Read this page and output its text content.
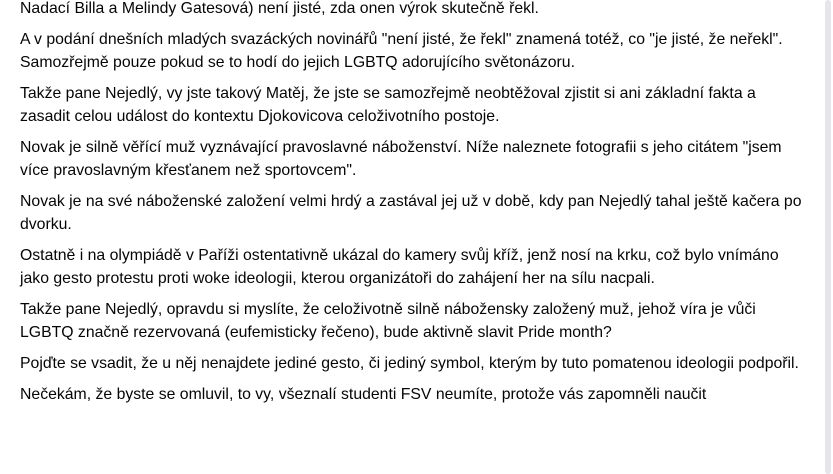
Nadací Billa a Melindy Gatesová) není jisté, zda onen výrok skutečně řekl.

A v podání dnešních mladých svazáckých novinářů "není jisté, že řekl" znamená totéž, co "je jisté, že neřekl". Samozřejmě pouze pokud se to hodí do jejich LGBTQ adorujícího světonázoru.

Takže pane Nejedlý, vy jste takový Matěj, že jste se samozřejmě neobtěžoval zjistit si ani základní fakta a zasadit celou událost do kontextu Djokovicova celoživotního postoje.

Novak je silně věřící muž vyznávající pravoslavné náboženství. Níže naleznete fotografii s jeho citátem "jsem více pravoslavným křesťanem než sportovcem".

Novak je na své náboženské založení velmi hrdý a zastával jej už v době, kdy pan Nejedlý tahal ještě kačera po dvorku.

Ostatně i na olympiádě v Paříži ostentativně ukázal do kamery svůj kříž, jenž nosí na krku, což bylo vnímáno jako gesto protestu proti woke ideologii, kterou organizátoři do zahájení her na sílu nacpali.

Takže pane Nejedlý, opravdu si myslíte, že celoživotně silně nábožensky založený muž, jehož víra je vůči LGBTQ značně rezervovaná (eufemisticky řečeno), bude aktivně slavit Pride month?

Pojďte se vsadit, že u něj nenajdete jediné gesto, či jediný symbol, kterým by tuto pomatenou ideologii podpořil.

Nečekám, že byste se omluvil, to vy, všeznalí studenti FSV neumíte, protože vás zapomněli naučit
